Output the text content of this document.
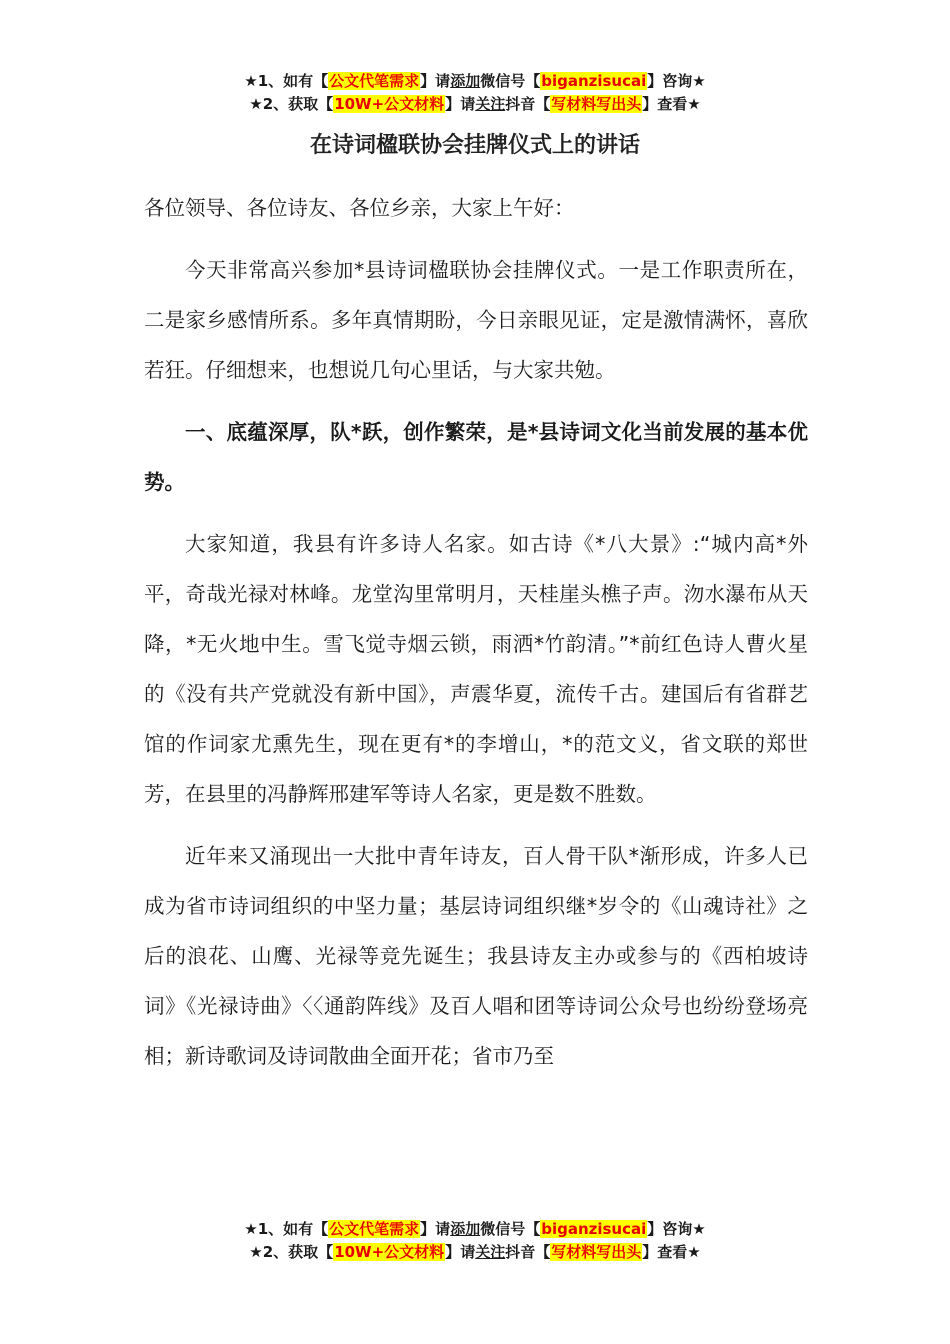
★1、如有【公文代笔需求】请添加微信号【biganzisucai】咨询★
★2、获取【10W+公文材料】请关注抖音【写材料写出头】查看★
在诗词楹联协会挂牌仪式上的讲话

各位领导、各位诗友、各位乡亲，大家上午好：

今天非常高兴参加*县诗词楹联协会挂牌仪式。一是工作职责所在，二是家乡感情所系。多年真情期盼，今日亲眼见证，定是激情满怀，喜欣若狂。仔细想来，也想说几句心里话，与大家共勉。

一、底蕴深厚，队*跃，创作繁荣，是*县诗词文化当前发展的基本优势。

大家知道，我县有许多诗人名家。如古诗《*八大景》:“城内高*外平，奇哉光禄对林峰。龙堂沟里常明月，天桂崖头樵子声。沕水瀑布从天降，*无火地中生。雪飞觉寺烟云锁，雨洒*竹韵清。”*前红色诗人曹火星的《没有共产党就没有新中国》，声震华夏，流传千古。建国后有省群艺馆的作词家尤熏先生，现在更有*的李增山，*的范文义，省文联的郑世芳，在县里的冯静辉邢建军等诗人名家，更是数不胜数。

近年来又涌现出一大批中青年诗友，百人骨干队*渐形成，许多人已成为省市诗词组织的中坚力量；基层诗词组织继*岁令的《山魂诗社》之后的浪花、山鹰、光禄等竞先诞生；我县诗友主办或参与的《西柏坡诗词》《光禄诗曲》〈〈通韵阵线》及百人唱和团等诗词公众号也纷纷登场亮相；新诗歌词及诗词散曲全面开花；省市乃至

★1、如有【公文代笔需求】请添加微信号【biganzisucai】咨询★
★2、获取【10W+公文材料】请关注抖音【写材料写出头】查看★
